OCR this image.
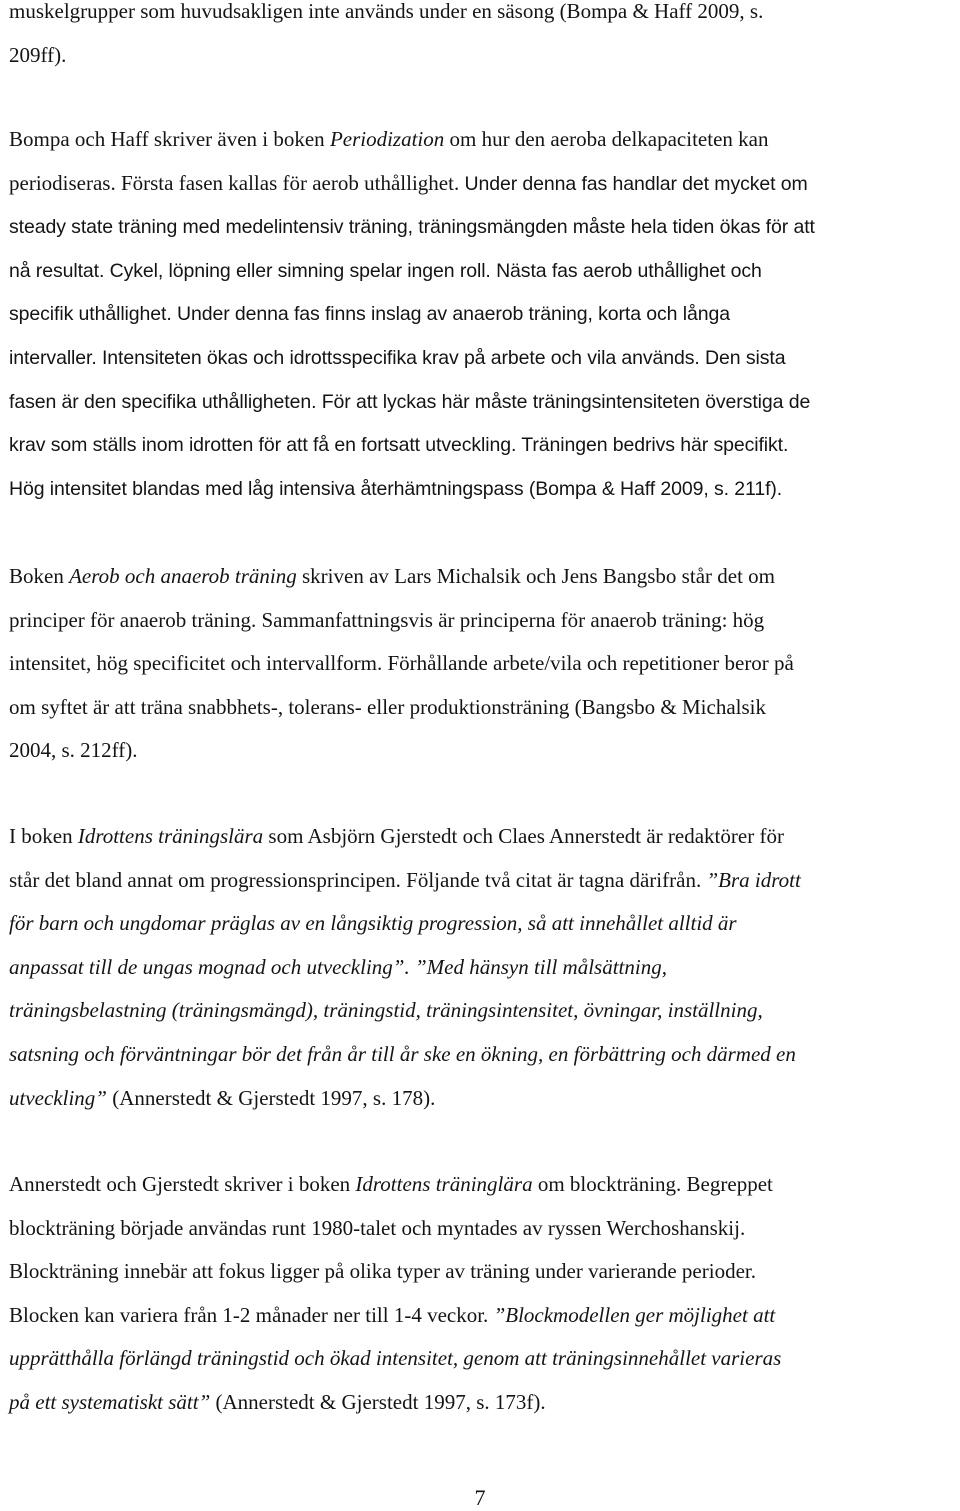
muskelgrupper som huvudsakligen inte används under en säsong (Bompa & Haff 2009, s.
209ff).

Bompa och Haff skriver även i boken Periodization om hur den aeroba delkapaciteten kan
periodiseras. Första fasen kallas för aerob uthållighet. Under denna fas handlar det mycket om
steady state träning med medelintensiv träning, träningsmängden måste hela tiden ökas för att
nå resultat. Cykel, löpning eller simning spelar ingen roll. Nästa fas aerob uthållighet och
specifik uthållighet. Under denna fas finns inslag av anaerob träning, korta och långa
intervaller. Intensiteten ökas och idrottsspecifika krav på arbete och vila används. Den sista
fasen är den specifika uthålligheten. För att lyckas här måste träningsintensiteten överstiga de
krav som ställs inom idrotten för att få en fortsatt utveckling. Träningen bedrivs här specifikt.
Hög intensitet blandas med låg intensiva återhämtningspass (Bompa & Haff 2009, s. 211f).

Boken Aerob och anaerob träning skriven av Lars Michalsik och Jens Bangsbo står det om
principer för anaerob träning. Sammanfattningsvis är principerna för anaerob träning: hög
intensitet, hög specificitet och intervallform. Förhållande arbete/vila och repetitioner beror på
om syftet är att träna snabbhets-, tolerans- eller produktionsträning (Bangsbo & Michalsik
2004, s. 212ff).

I boken Idrottens träningslära som Asbjörn Gjerstedt och Claes Annerstedt är redaktörer för
står det bland annat om progressionsprincipen. Följande två citat är tagna därifrån. ”Bra idrott
för barn och ungdomar präglas av en långsiktig progression, så att innehållet alltid är
anpassat till de ungas mognad och utveckling”. ”Med hänsyn till målsättning,
träningsbelastning (träningsmängd), träningstid, träningsintensitet, övningar, inställning,
satsning och förväntningar bör det från år till år ske en ökning, en förbättring och därmed en
utveckling” (Annerstedt & Gjerstedt 1997, s. 178).

Annerstedt och Gjerstedt skriver i boken Idrottens träninglära om blockträning. Begreppet
blockträning började användas runt 1980-talet och myntades av ryssen Werchoshanskij.
Blockträning innebär att fokus ligger på olika typer av träning under varierande perioder.
Blocken kan variera från 1-2 månader ner till 1-4 veckor. ”Blockmodellen ger möjlighet att
upprätthålla förlängd träningstid och ökad intensitet, genom att träningsinnehållet varieras
på ett systematiskt sätt” (Annerstedt & Gjerstedt 1997, s. 173f).

7
